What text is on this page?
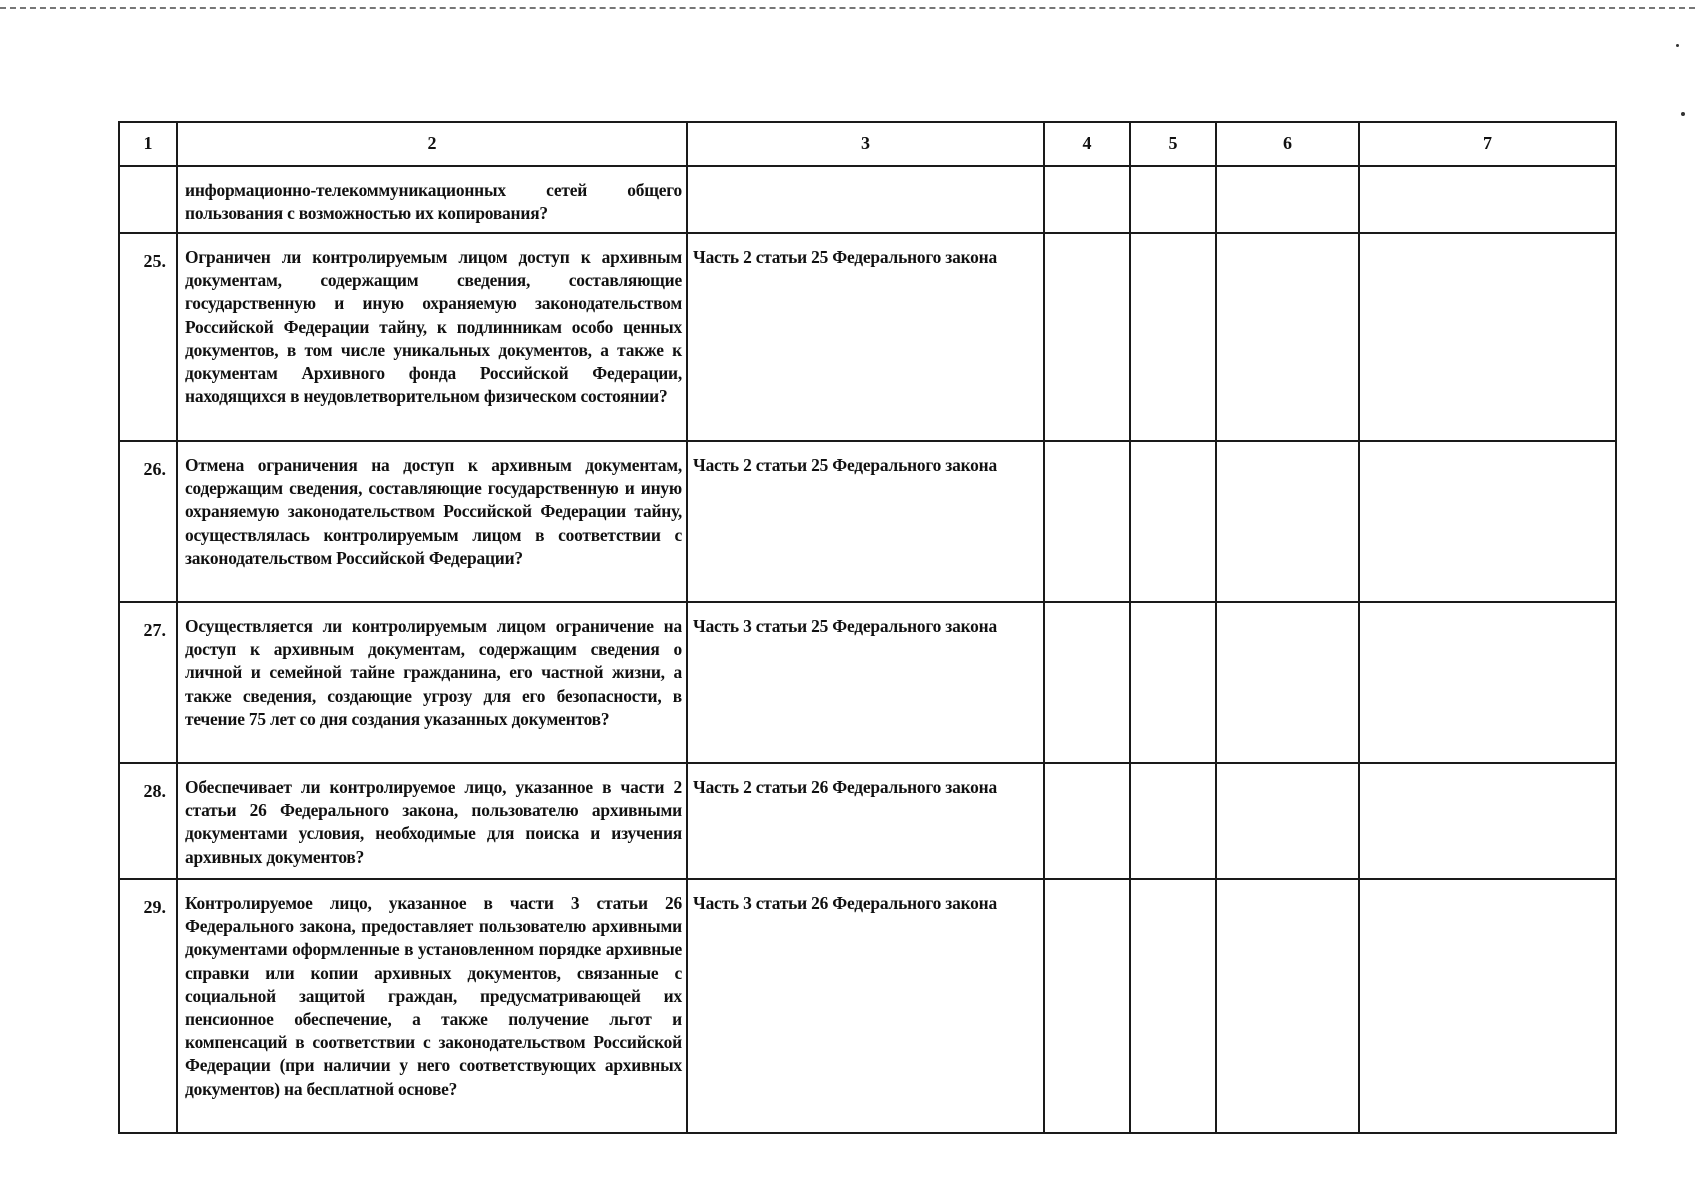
1	2	3	4	5	6	7
	информационно-телекоммуникационных сетей общего пользования с возможностью их копирования?					
25.	Ограничен ли контролируемым лицом доступ к архивным документам, содержащим сведения, составляющие государственную и иную охраняемую законодательством Российской Федерации тайну, к подлинникам особо ценных документов, в том числе уникальных документов, а также к документам Архивного фонда Российской Федерации, находящихся в неудовлетворительном физическом состоянии?	Часть 2 статьи 25 Федерального закона				
26.	Отмена ограничения на доступ к архивным документам, содержащим сведения, составляющие государственную и иную охраняемую законодательством Российской Федерации тайну, осуществлялась контролируемым лицом в соответствии с законодательством Российской Федерации?	Часть 2 статьи 25 Федерального закона				
27.	Осуществляется ли контролируемым лицом ограничение на доступ к архивным документам, содержащим сведения о личной и семейной тайне гражданина, его частной жизни, а также сведения, создающие угрозу для его безопасности, в течение 75 лет со дня создания указанных документов?	Часть 3 статьи 25 Федерального закона				
28.	Обеспечивает ли контролируемое лицо, указанное в части 2 статьи 26 Федерального закона, пользователю архивными документами условия, необходимые для поиска и изучения архивных документов?	Часть 2 статьи 26 Федерального закона				
29.	Контролируемое лицо, указанное в части 3 статьи 26 Федерального закона, предоставляет пользователю архивными документами оформленные в установленном порядке архивные справки или копии архивных документов, связанные с социальной защитой граждан, предусматривающей их пенсионное обеспечение, а также получение льгот и компенсаций в соответствии с законодательством Российской Федерации (при наличии у него соответствующих архивных документов) на бесплатной основе?	Часть 3 статьи 26 Федерального закона				
